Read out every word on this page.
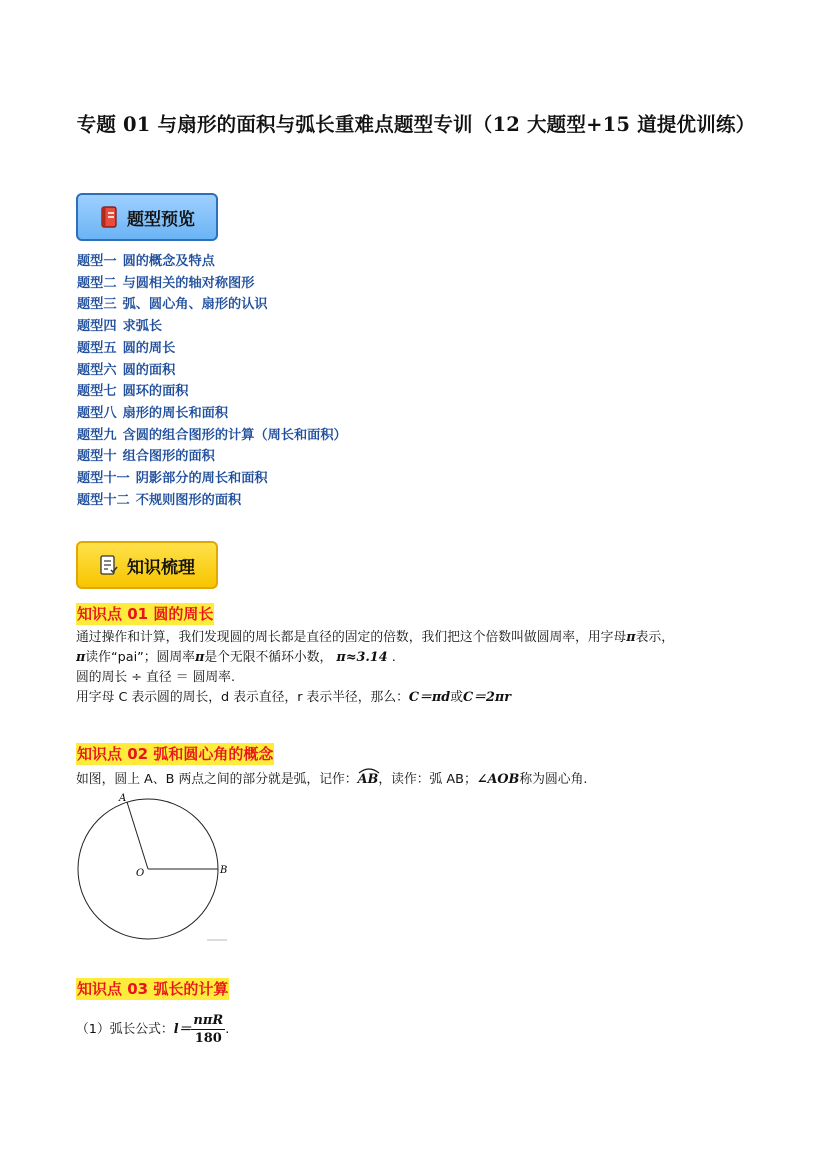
专题 01 与扇形的面积与弧长重难点题型专训（12 大题型+15 道提优训练）
题型预览
题型一 圆的概念及特点
题型二 与圆相关的轴对称图形
题型三 弧、圆心角、扇形的认识
题型四 求弧长
题型五 圆的周长
题型六 圆的面积
题型七 圆环的面积
题型八 扇形的周长和面积
题型九 含圆的组合图形的计算（周长和面积）
题型十 组合图形的面积
题型十一 阴影部分的周长和面积
题型十二 不规则图形的面积
知识梳理
知识点 01 圆的周长
通过操作和计算，我们发现圆的周长都是直径的固定的倍数，我们把这个倍数叫做圆周率，用字母π表示，
π读作“pai”；圆周率π是个无限不循环小数， π≈3.14 .
圆的周长 ÷ 直径 ＝ 圆周率.
用字母 C 表示圆的周长，d 表示直径，r 表示半径，那么：C＝πd或C＝2πr
知识点 02 弧和圆心角的概念
如图，圆上 A、B 两点之间的部分就是弧，记作：
AB，读作：弧 AB；∠AOB称为圆心角.
A
B
O
知识点 03 弧长的计算
（1）弧长公式：$l= \frac{\text{nπR}}{180}$ .
